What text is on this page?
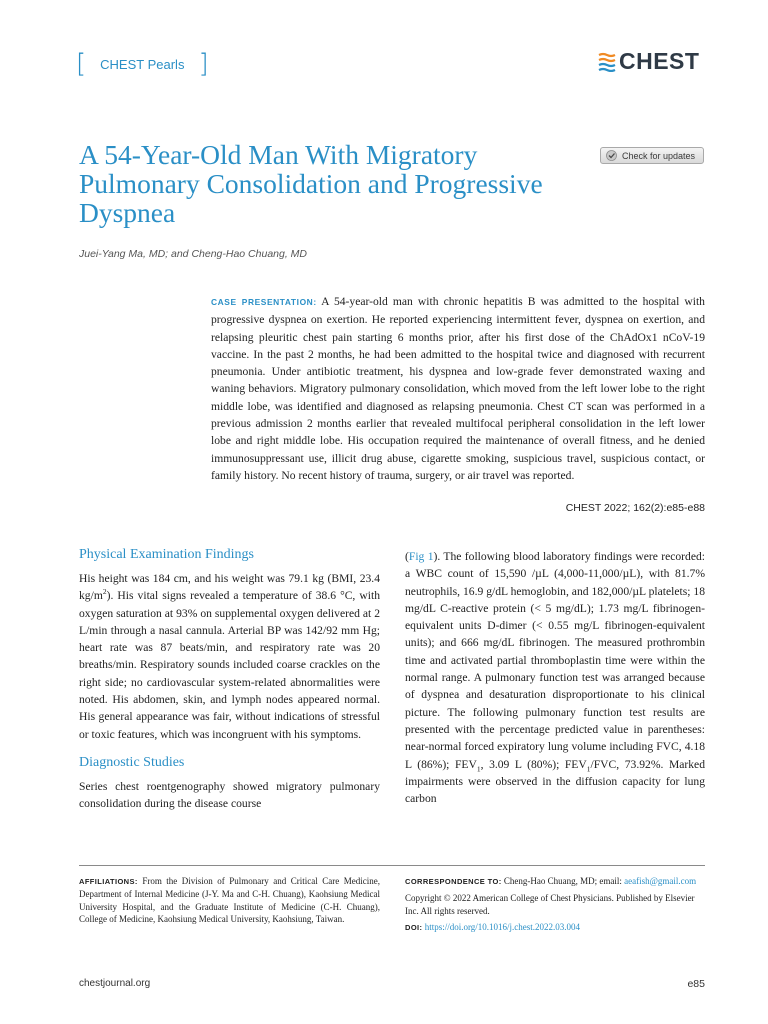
[ CHEST Pearls ]	CHEST
A 54-Year-Old Man With Migratory
Pulmonary Consolidation and Progressive
Dyspnea
Check for updates
Juei-Yang Ma, MD; and Cheng-Hao Chuang, MD

CASE PRESENTATION: A 54-year-old man with chronic hepatitis B was admitted to the hospital with progressive dyspnea on exertion. He reported experiencing intermittent fever, dyspnea on exertion, and relapsing pleuritic chest pain starting 6 months prior, after his first dose of the ChAdOx1 nCoV-19 vaccine. In the past 2 months, he had been admitted to the hospital twice and diagnosed with recurrent pneumonia. Under antibiotic treatment, his dyspnea and low-grade fever demonstrated waxing and waning behaviors. Migratory pulmonary consolidation, which moved from the left lower lobe to the right middle lobe, was identified and diagnosed as relapsing pneumonia. Chest CT scan was performed in a previous admission 2 months earlier that revealed multifocal peripheral consolidation in the left lower lobe and right middle lobe. His occupation required the maintenance of overall fitness, and he denied immunosuppressant use, illicit drug abuse, cigarette smoking, suspicious travel, suspicious contact, or family history. No recent history of trauma, surgery, or air travel was reported.

CHEST 2022; 162(2):e85-e88
Physical Examination Findings

His height was 184 cm, and his weight was 79.1 kg (BMI, 23.4 $kg/m^2$). His vital signs revealed a temperature of 38.6 °C, with oxygen saturation at 93% on supplemental oxygen delivered at 2 L/min through a nasal cannula. Arterial BP was 142/92 mm Hg; heart rate was 87 beats/min, and respiratory rate was 20 breaths/min. Respiratory sounds included coarse crackles on the right side; no cardiovascular system-related abnormalities were noted. His abdomen, skin, and lymph nodes appeared normal. His general appearance was fair, without indications of stressful or toxic features, which was incongruent with his symptoms.

Diagnostic Studies

Series chest roentgenography showed migratory pulmonary consolidation during the disease course

(Fig 1). The following blood laboratory findings were recorded: a WBC count of 15,590 /µL (4,000-11,000/µL), with 81.7% neutrophils, 16.9 g/dL hemoglobin, and 182,000/µL platelets; 18 mg/dL C-reactive protein (< 5 mg/dL); 1.73 mg/L fibrinogen-equivalent units D-dimer (< 0.55 mg/L fibrinogen-equivalent units); and 666 mg/dL fibrinogen. The measured prothrombin time and activated partial thromboplastin time were within the normal range. A pulmonary function test was arranged because of dyspnea and desaturation disproportionate to his clinical picture. The following pulmonary function test results are presented with the percentage predicted value in parentheses: near-normal forced expiratory lung volume including FVC, 4.18 L (86%); $FEV_1$, 3.09 L (80%); $FEV_1$/FVC, 73.92%. Marked impairments were observed in the diffusion capacity for lung carbon

AFFILIATIONS: From the Division of Pulmonary and Critical Care Medicine, Department of Internal Medicine (J-Y. Ma and C-H. Chuang), Kaohsiung Medical University Hospital, and the Graduate Institute of Medicine (C-H. Chuang), College of Medicine, Kaohsiung Medical University, Kaohsiung, Taiwan.

CORRESPONDENCE TO: Cheng-Hao Chuang, MD; email: aeafish@gmail.com

Copyright © 2022 American College of Chest Physicians. Published by Elsevier Inc. All rights reserved.

DOI: https://doi.org/10.1016/j.chest.2022.03.004

chestjournal.org	e85
